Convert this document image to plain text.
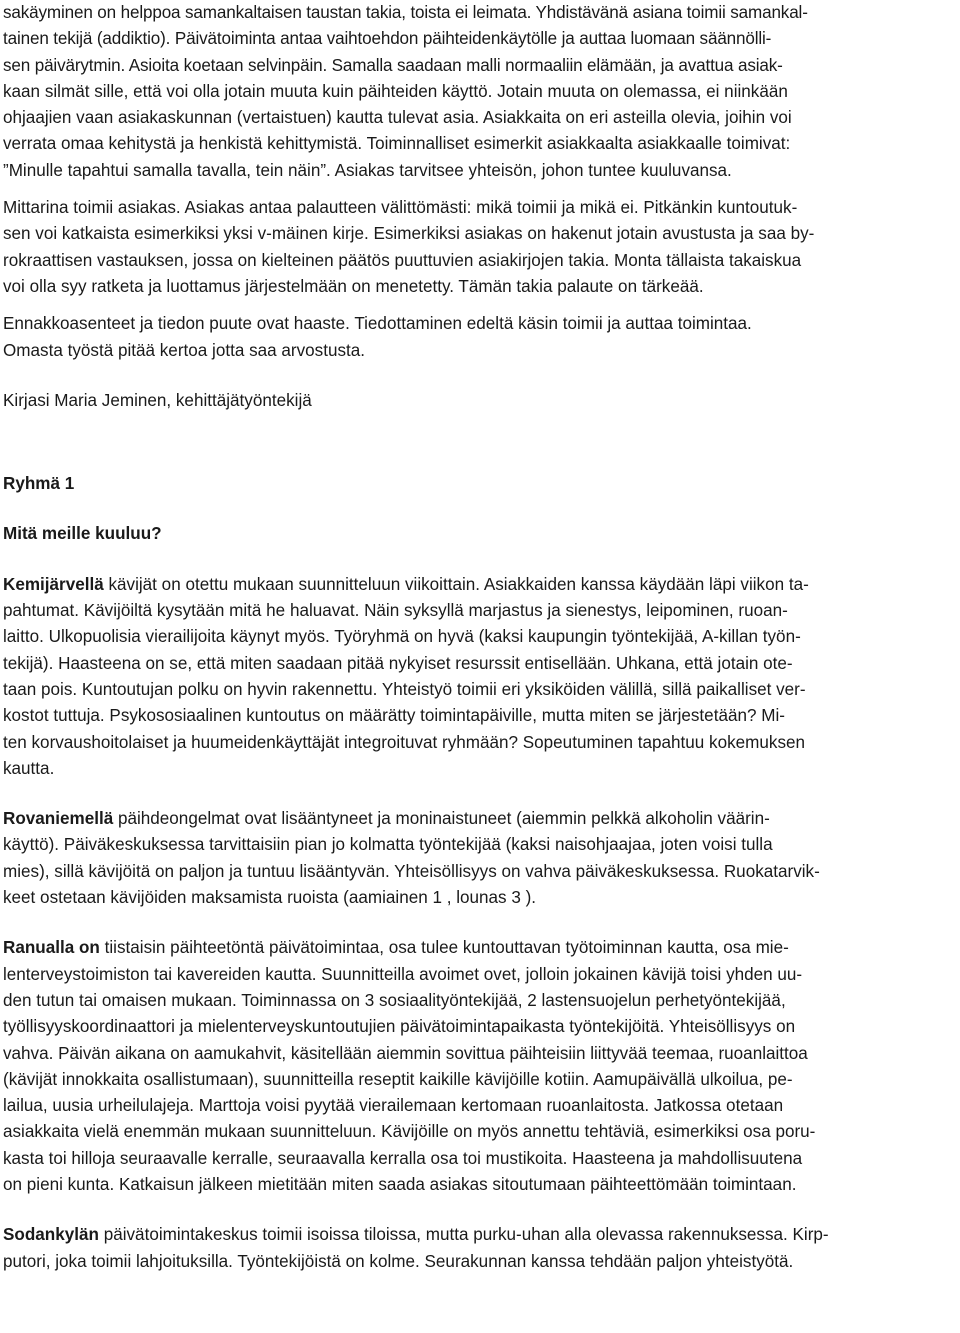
sakäyminen on helppoa samankaltaisen taustan takia, toista ei leimata. Yhdistävänä asiana toimii samankal-
tainen tekijä (addiktio). Päivätoiminta antaa vaihtoehdon päihteidenkäytölle ja auttaa luomaan säännölli-
sen päivärytmin. Asioita koetaan selvinpäin. Samalla saadaan malli normaaliin elämään, ja avattua asiak-
kaan silmät sille, että voi olla jotain muuta kuin päihteiden käyttö. Jotain muuta on olemassa, ei niinkään
ohjaajien vaan asiakaskunnan (vertaistuen) kautta tulevat asia. Asiakkaita on eri asteilla olevia, joihin voi
verrata omaa kehitystä ja henkistä kehittymistä. Toiminnalliset esimerkit asiakkaalta asiakkaalle toimivat:
”Minulle tapahtui samalla tavalla, tein näin”. Asiakas tarvitsee yhteisön, johon tuntee kuuluvansa.
Mittarina toimii asiakas. Asiakas antaa palautteen välittömästi: mikä toimii ja mikä ei. Pitkänkin kuntoutuk-
sen voi katkaista esimerkiksi yksi v-mäinen kirje. Esimerkiksi asiakas on hakenut jotain avustusta ja saa by-
rokraattisen vastauksen, jossa on kielteinen päätös puuttuvien asiakirjojen takia. Monta tällaista takaiskua
voi olla syy ratketa ja luottamus järjestelmään on menetetty. Tämän takia palaute on tärkeää.
Ennakkoasenteet ja tiedon puute ovat haaste. Tiedottaminen edeltä käsin toimii ja auttaa toimintaa.
Omasta työstä pitää kertoa jotta saa arvostusta.
Kirjasi Maria Jeminen, kehittäjätyöntekijä
Ryhmä 1
Mitä meille kuuluu?
Kemijärvellä kävijät on otettu mukaan suunnitteluun viikoittain. Asiakkaiden kanssa käydään läpi viikon ta-
pahtumat. Kävijöiltä kysytään mitä he haluavat. Näin syksyllä marjastus ja sienestys, leipominen, ruoan-
laitto. Ulkopuolisia vierailijoita käynyt myös. Työryhmä on hyvä (kaksi kaupungin työntekijää, A-killan työn-
tekijä). Haasteena on se, että miten saadaan pitää nykyiset resurssit entisellään. Uhkana, että jotain ote-
taan pois. Kuntoutujan polku on hyvin rakennettu. Yhteistyö toimii eri yksiköiden välillä, sillä paikalliset ver-
kostot tuttuja. Psykososiaalinen kuntoutus on määrätty toimintapäiville, mutta miten se järjestetään? Mi-
ten korvaushoitolaiset ja huumeidenkäyttäjät integroituvat ryhmään? Sopeutuminen tapahtuu kokemuksen
kautta.
Rovaniemellä päihdeongelmat ovat lisääntyneet ja moninaistuneet (aiemmin pelkkä alkoholin väärin-
käyttö). Päiväkeskuksessa tarvittaisiin pian jo kolmatta työntekijää (kaksi naisohjaajaa, joten voisi tulla
mies), sillä kävijöitä on paljon ja tuntuu lisääntyvän. Yhteisöllisyys on vahva päiväkeskuksessa. Ruokatarvik-
keet ostetaan kävijöiden maksamista ruoista (aamiainen 1 , lounas 3 ).
Ranualla on tiistaisin päihteetöntä päivätoimintaa, osa tulee kuntouttavan työtoiminnan kautta, osa mie-
lenterveystoimiston tai kavereiden kautta. Suunnitteilla avoimet ovet, jolloin jokainen kävijä toisi yhden uu-
den tutun tai omaisen mukaan. Toiminnassa on 3 sosiaalityöntekijää, 2 lastensuojelun perhetyöntekijää,
työllisyyskoordinaattori ja mielenterveyskuntoutujien päivätoimintapaikasta työntekijöitä. Yhteisöllisyys on
vahva. Päivän aikana on aamukahvit, käsitellään aiemmin sovittua päihteisiin liittyvää teemaa, ruoanlaittoa
(kävijät innokkaita osallistumaan), suunnitteilla reseptit kaikille kävijöille kotiin. Aamupäivällä ulkoilua, pe-
lailua, uusia urheilulajeja. Marttoja voisi pyytää vierailemaan kertomaan ruoanlaitosta. Jatkossa otetaan
asiakkaita vielä enemmän mukaan suunnitteluun. Kävijöille on myös annettu tehtäviä, esimerkiksi osa poru-
kasta toi hilloja seuraavalle kerralle, seuraavalla kerralla osa toi mustikoita. Haasteena ja mahdollisuutena
on pieni kunta. Katkaisun jälkeen mietitään miten saada asiakas sitoutumaan päihteettömään toimintaan.
Sodankylän päivätoimintakeskus toimii isoissa tiloissa, mutta purku-uhan alla olevassa rakennuksessa. Kirp-
putori, joka toimii lahjoituksilla. Työntekijöistä on kolme. Seurakunnan kanssa tehdään paljon yhteistyötä.
